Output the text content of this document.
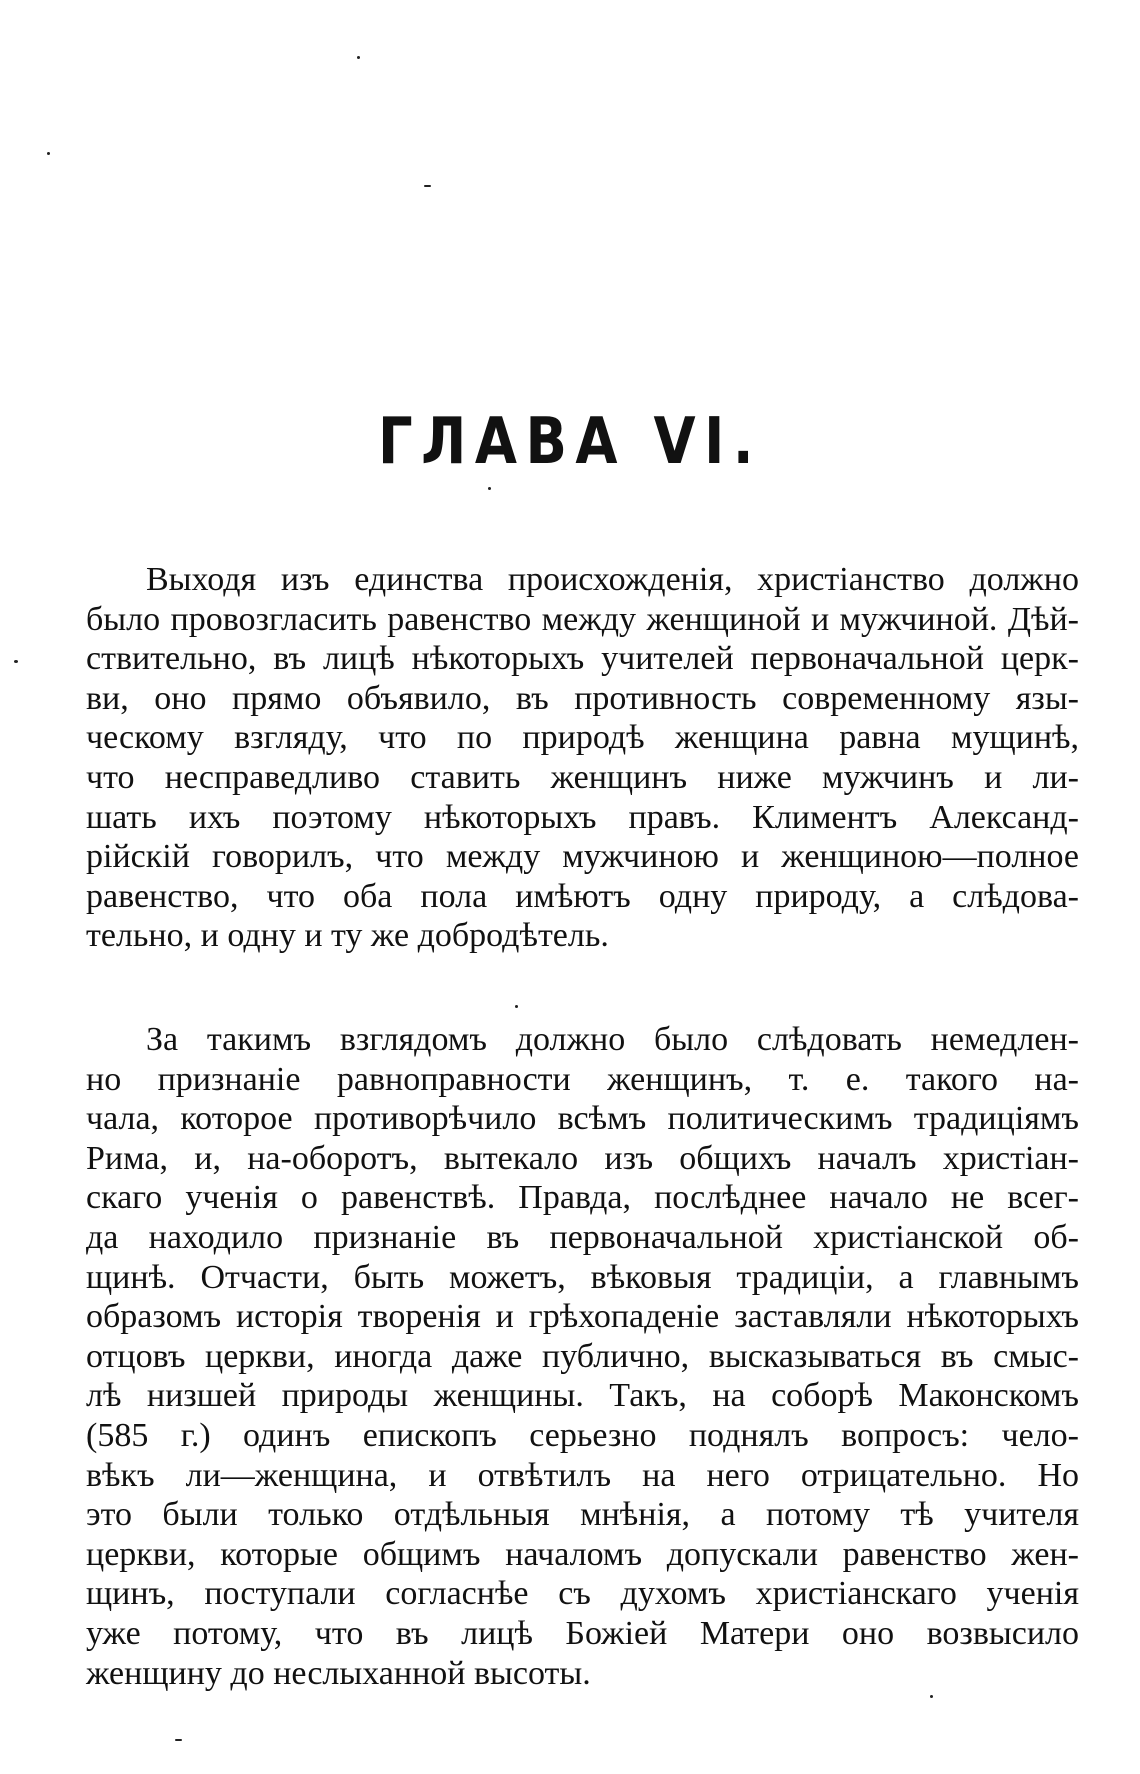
ГЛАВА VI.
Выходя изъ единства происхожденія, христіанство должно
было провозгласить равенство между женщиной и мужчиной. Дѣй-
ствительно, въ лицѣ нѣкоторыхъ учителей первоначальной церк-
ви, оно прямо объявило, въ противность современному язы-
ческому взгляду, что по природѣ женщина равна мущинѣ,
что несправедливо ставить женщинъ ниже мужчинъ и ли-
шать ихъ поэтому нѣкоторыхъ правъ. Климентъ Александ-
рійскій говорилъ, что между мужчиною и женщиною—полное
равенство, что оба пола имѣютъ одну природу, а слѣдова-
тельно, и одну и ту же добродѣтель.
За такимъ взглядомъ должно было слѣдовать немедлен-
но признаніе равноправности женщинъ, т. е. такого на-
чала, которое противорѣчило всѣмъ политическимъ традиціямъ
Рима, и, на-оборотъ, вытекало изъ общихъ началъ христіан-
скаго ученія о равенствѣ. Правда, послѣднее начало не всег-
да находило признаніе въ первоначальной христіанской об-
щинѣ. Отчасти, быть можетъ, вѣковыя традиціи, а главнымъ
образомъ исторія творенія и грѣхопаденіе заставляли нѣкоторыхъ
отцовъ церкви, иногда даже публично, высказываться въ смыс-
лѣ низшей природы женщины. Такъ, на соборѣ Маконскомъ
(585 г.) одинъ епископъ серьезно поднялъ вопросъ: чело-
вѣкъ ли—женщина, и отвѣтилъ на него отрицательно. Но
это были только отдѣльныя мнѣнія, а потому тѣ учителя
церкви, которые общимъ началомъ допускали равенство жен-
щинъ, поступали согласнѣе съ духомъ христіанскаго ученія
уже потому, что въ лицѣ Божіей Матери оно возвысило
женщину до неслыханной высоты.
